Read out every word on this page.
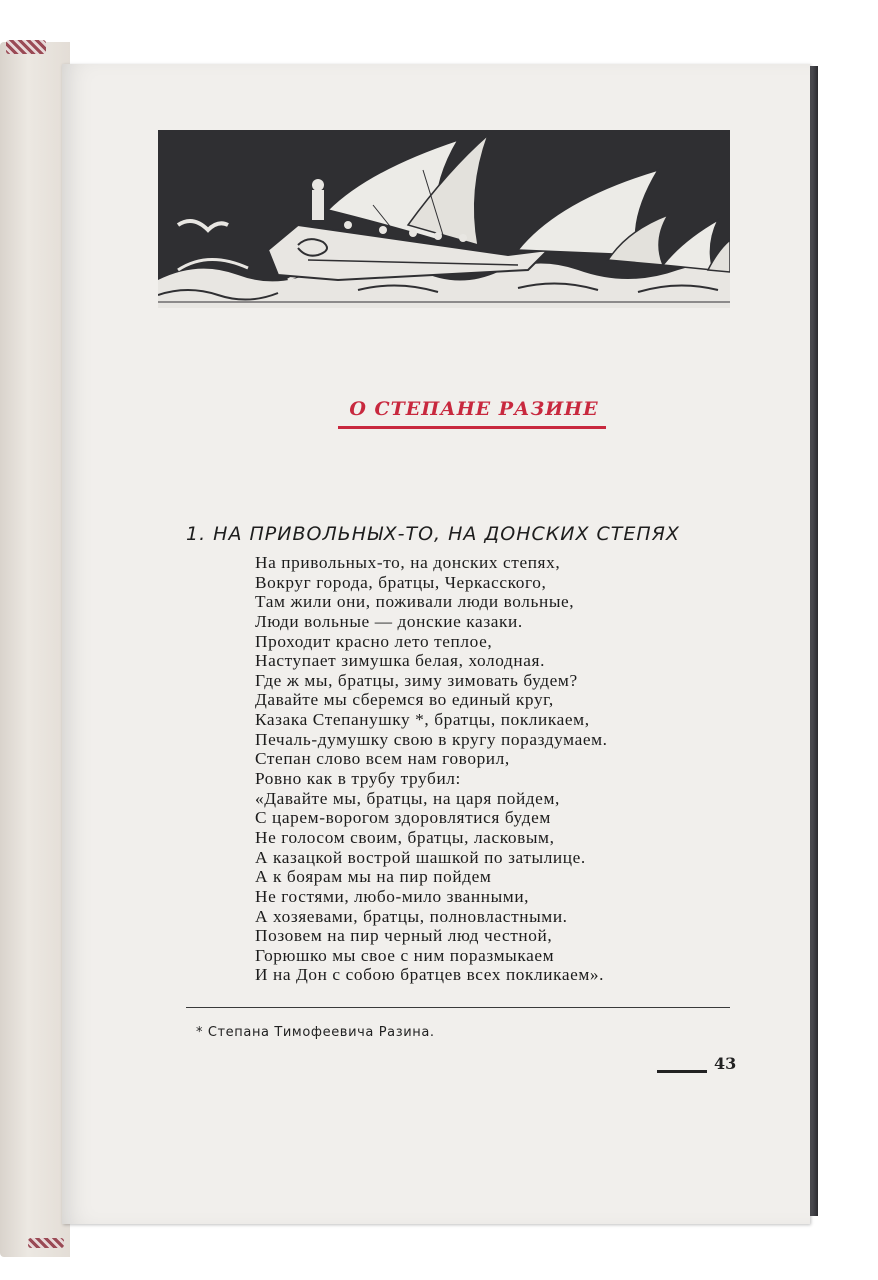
О СТЕПАНЕ РАЗИНЕ
1. НА ПРИВОЛЬНЫХ-ТО, НА ДОНСКИХ СТЕПЯХ
На привольных-то, на донских степях,
Вокруг города, братцы, Черкасского,
Там жили они, поживали люди вольные,
Люди вольные — донские казаки.
Проходит красно лето теплое,
Наступает зимушка белая, холодная.
Где ж мы, братцы, зиму зимовать будем?
Давайте мы сберемся во единый круг,
Казака Степанушку *, братцы, покликаем,
Печаль-думушку свою в кругу пораздумаем.
Степан слово всем нам говорил,
Ровно как в трубу трубил:
«Давайте мы, братцы, на царя пойдем,
С царем-ворогом здоровлятися будем
Не голосом своим, братцы, ласковым,
А казацкой вострой шашкой по затылице.
А к боярам мы на пир пойдем
Не гостями, любо-мило званными,
А хозяевами, братцы, полновластными.
Позовем на пир черный люд честной,
Горюшко мы свое с ним поразмыкаем
И на Дон с собою братцев всех покликаем».
* Степана Тимофеевича Разина.
43
